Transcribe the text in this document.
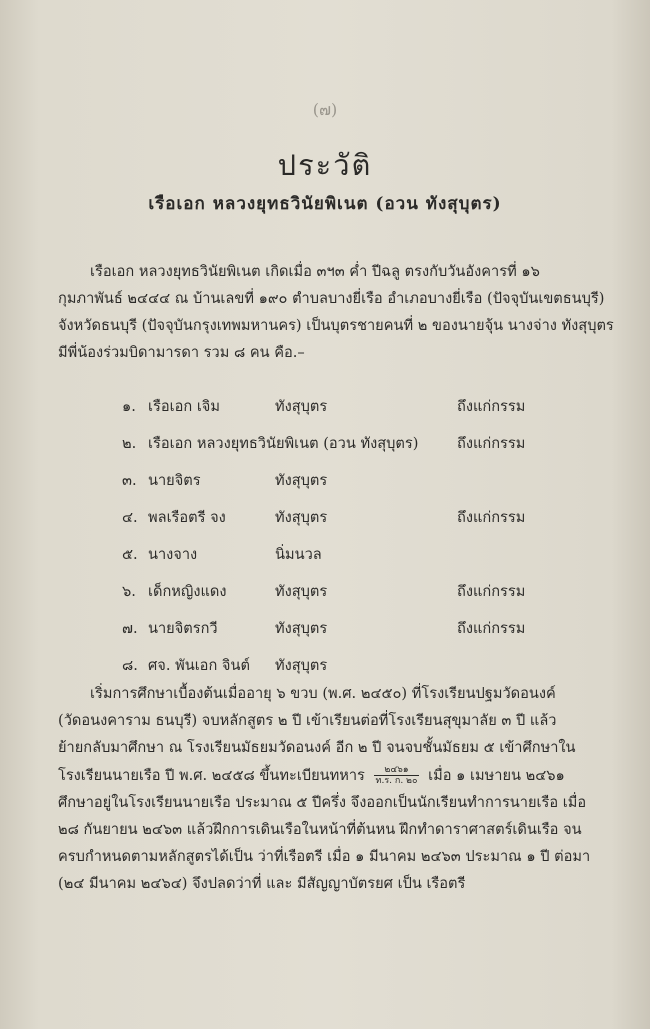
(๗)
ประวัติ
เรือเอก หลวงยุทธวินัยพิเนต (อวน ทังสุบุตร)
เรือเอก หลวงยุทธวินัยพิเนต เกิดเมื่อ ๓ฯ๓ ค่ำ ปีฉลู ตรงกับวันอังคารที่ ๑๖
กุมภาพันธ์ ๒๔๔๔ ณ บ้านเลขที่ ๑๙๐ ตำบลบางยี่เรือ อำเภอบางยี่เรือ (ปัจจุบันเขตธนบุรี)
จังหวัดธนบุรี (ปัจจุบันกรุงเทพมหานคร) เป็นบุตรชายคนที่ ๒ ของนายจุ้น นางจ่าง ทังสุบุตร
มีพี่น้องร่วมบิดามารดา รวม ๘ คน คือ.–
๑. เรือเอก เจิม	ทังสุบุตร	ถึงแก่กรรม
๒. เรือเอก หลวงยุทธวินัยพิเนต (อวน ทังสุบุตร)	ถึงแก่กรรม
๓. นายจิตร	ทังสุบุตร
๔. พลเรือตรี จง	ทังสุบุตร	ถึงแก่กรรม
๕. นางจาง	นิ่มนวล
๖. เด็กหญิงแดง	ทังสุบุตร	ถึงแก่กรรม
๗. นายจิตรกวี	ทังสุบุตร	ถึงแก่กรรม
๘. ศจ. พันเอก จินต์ ทังสุบุตร
เริ่มการศึกษาเบื้องต้นเมื่ออายุ ๖ ขวบ (พ.ศ. ๒๔๕๐) ที่โรงเรียนปฐมวัดอนงค์
(วัดอนงคาราม ธนบุรี) จบหลักสูตร ๒ ปี เข้าเรียนต่อที่โรงเรียนสุขุมาลัย ๓ ปี แล้ว
ย้ายกลับมาศึกษา ณ โรงเรียนมัธยมวัดอนงค์ อีก ๒ ปี จนจบชั้นมัธยม ๕ เข้าศึกษาใน
โรงเรียนนายเรือ ปี พ.ศ. ๒๔๕๘ ขึ้นทะเบียนทหาร $\frac{๒๔๖๑}{\text{ท.ร. ก. ๒๐}}$ เมื่อ ๑ เมษายน ๒๔๖๑
ศึกษาอยู่ในโรงเรียนนายเรือ ประมาณ ๕ ปีครึ่ง จึงออกเป็นนักเรียนทำการนายเรือ เมื่อ
๒๘ กันยายน ๒๔๖๓ แล้วฝึกการเดินเรือในหน้าที่ต้นหน ฝึกทำดาราศาสตร์เดินเรือ จน
ครบกำหนดตามหลักสูตรได้เป็น ว่าที่เรือตรี เมื่อ ๑ มีนาคม ๒๔๖๓ ประมาณ ๑ ปี ต่อมา
(๒๔ มีนาคม ๒๔๖๔) จึงปลดว่าที่ และ มีสัญญาบัตรยศ เป็น เรือตรี
